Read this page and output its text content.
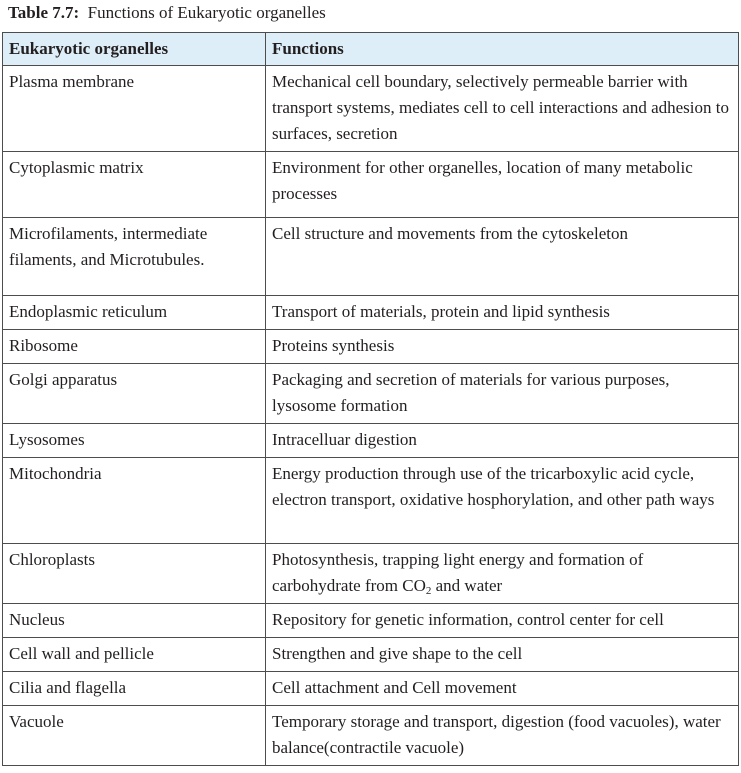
Table 7.7: Functions of Eukaryotic organelles
Eukaryotic organelles	Functions
Plasma membrane	Mechanical cell boundary, selectively permeable barrier with transport systems, mediates cell to cell interactions and adhesion to surfaces, secretion
Cytoplasmic matrix	Environment for other organelles, location of many metabolic processes
Microfilaments, intermediate filaments, and Microtubules.	Cell structure and movements from the cytoskeleton
Endoplasmic reticulum	Transport of materials, protein and lipid synthesis
Ribosome	Proteins synthesis
Golgi apparatus	Packaging and secretion of materials for various purposes, lysosome formation
Lysosomes	Intracelluar digestion
Mitochondria	Energy production through use of the tricarboxylic acid cycle, electron transport, oxidative hosphorylation, and other path ways
Chloroplasts	Photosynthesis, trapping light energy and formation of carbohydrate from $CO_2$ and water
Nucleus	Repository for genetic information, control center for cell
Cell wall and pellicle	Strengthen and give shape to the cell
Cilia and flagella	Cell attachment and Cell movement
Vacuole	Temporary storage and transport, digestion (food vacuoles), water balance(contractile vacuole)
